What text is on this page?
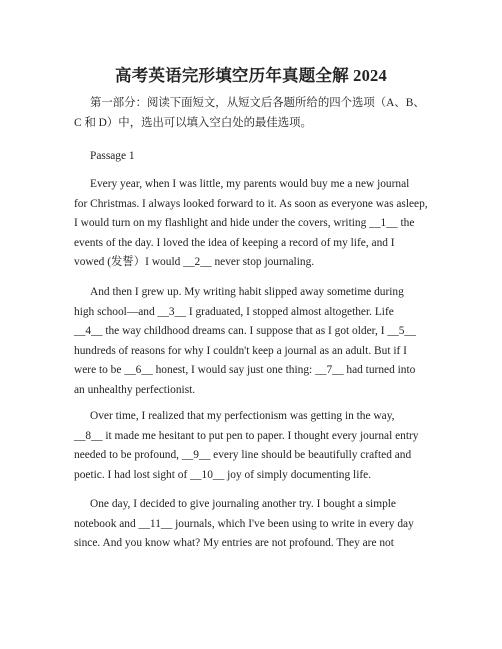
高考英语完形填空历年真题全解 2024

第一部分：阅读下面短文，从短文后各题所给的四个选项（A、B、
C 和 D）中，选出可以填入空白处的最佳选项。

Passage 1

Every year, when I was little, my parents would buy me a new journal
for Christmas. I always looked forward to it. As soon as everyone was asleep,
I would turn on my flashlight and hide under the covers, writing __1__ the
events of the day. I loved the idea of keeping a record of my life, and I
vowed (发誓）I would __2__ never stop journaling.

And then I grew up. My writing habit slipped away sometime during
high school—and __3__ I graduated, I stopped almost altogether. Life
__4__ the way childhood dreams can. I suppose that as I got older, I __5__
hundreds of reasons for why I couldn't keep a journal as an adult. But if I
were to be __6__ honest, I would say just one thing: __7__ had turned into
an unhealthy perfectionist.

Over time, I realized that my perfectionism was getting in the way,
__8__ it made me hesitant to put pen to paper. I thought every journal entry
needed to be profound, __9__ every line should be beautifully crafted and
poetic. I had lost sight of __10__ joy of simply documenting life.

One day, I decided to give journaling another try. I bought a simple
notebook and __11__ journals, which I've been using to write in every day
since. And you know what? My entries are not profound. They are not
